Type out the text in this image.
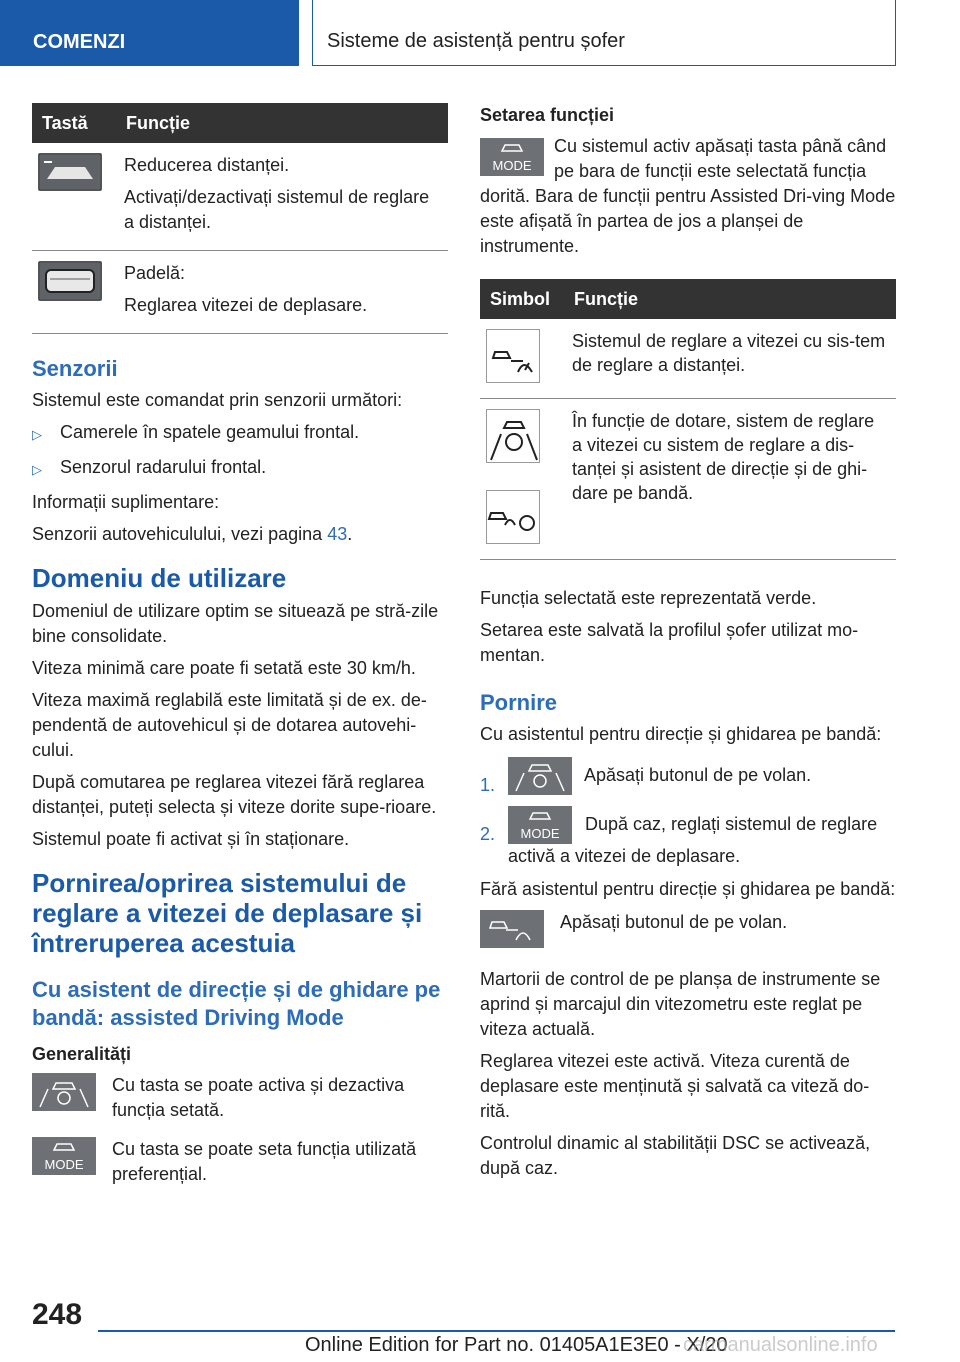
COMENZI	Sisteme de asistență pentru șofer
Tastă	Funcție

Reducerea distanței.

Activați/dezactivați sistemul de reglare a distanței.

Padelă:

Reglarea vitezei de deplasare.

Senzorii

Sistemul este comandat prin senzorii următori:

▷	Camerele în spatele geamului frontal.
▷	Senzorul radarului frontal.

Informații suplimentare:

Senzorii autovehiculului, vezi pagina 43.

Domeniu de utilizare

Domeniul de utilizare optim se situează pe stră‐zile bine consolidate.

Viteza minimă care poate fi setată este 30 km/h.

Viteza maximă reglabilă este limitată și de ex. de‐pendentă de autovehicul și de dotarea autovehi‐cului.

După comutarea pe reglarea vitezei fără reglarea distanței, puteți selecta și viteze dorite supe‐rioare.

Sistemul poate fi activat și în staționare.

Pornirea/oprirea sistemului de reglare a vitezei de deplasare și întreruperea acestuia
Cu asistent de direcție și de ghidare pe bandă: assisted Driving Mode
Generalități
Cu tasta se poate activa și dezactiva funcția setată.
MODE
Cu tasta se poate seta funcția utilizată preferențial.
Setarea funcției
MODE
Cu sistemul activ apăsați tasta până când pe bara de funcții este selectată funcția dorită. Bara de funcții pentru Assisted Dri‐ving Mode este afișată în partea de jos a planșei de instrumente.
Simbol	Funcție
	Sistemul de reglare a vitezei cu sis‐tem de reglare a distanței.

	În funcție de dotare, sistem de reglare a vitezei cu sistem de reglare a dis‐tanței și asistent de direcție și de ghi‐dare pe bandă.

Funcția selectată este reprezentată verde.

Setarea este salvată la profilul șofer utilizat mo‐mentan.

Pornire

Cu asistentul pentru direcție și ghidarea pe bandă:

1.
Apăsați butonul de pe volan.
2.	MODE După caz, reglați sistemul de reglare activă a vitezei de deplasare.

Fără asistentul pentru direcție și ghidarea pe bandă:

Apăsați butonul de pe volan.

Martorii de control de pe planșa de instrumente se aprind și marcajul din vitezometru este reglat pe viteza actuală.

Reglarea vitezei este activă. Viteza curentă de deplasare este menținută și salvată ca viteză do‐rită.

Controlul dinamic al stabilității DSC se activează, după caz.

248
Online Edition for Part no. 01405A1E3E0 - X/20
carmanualsonline.info
